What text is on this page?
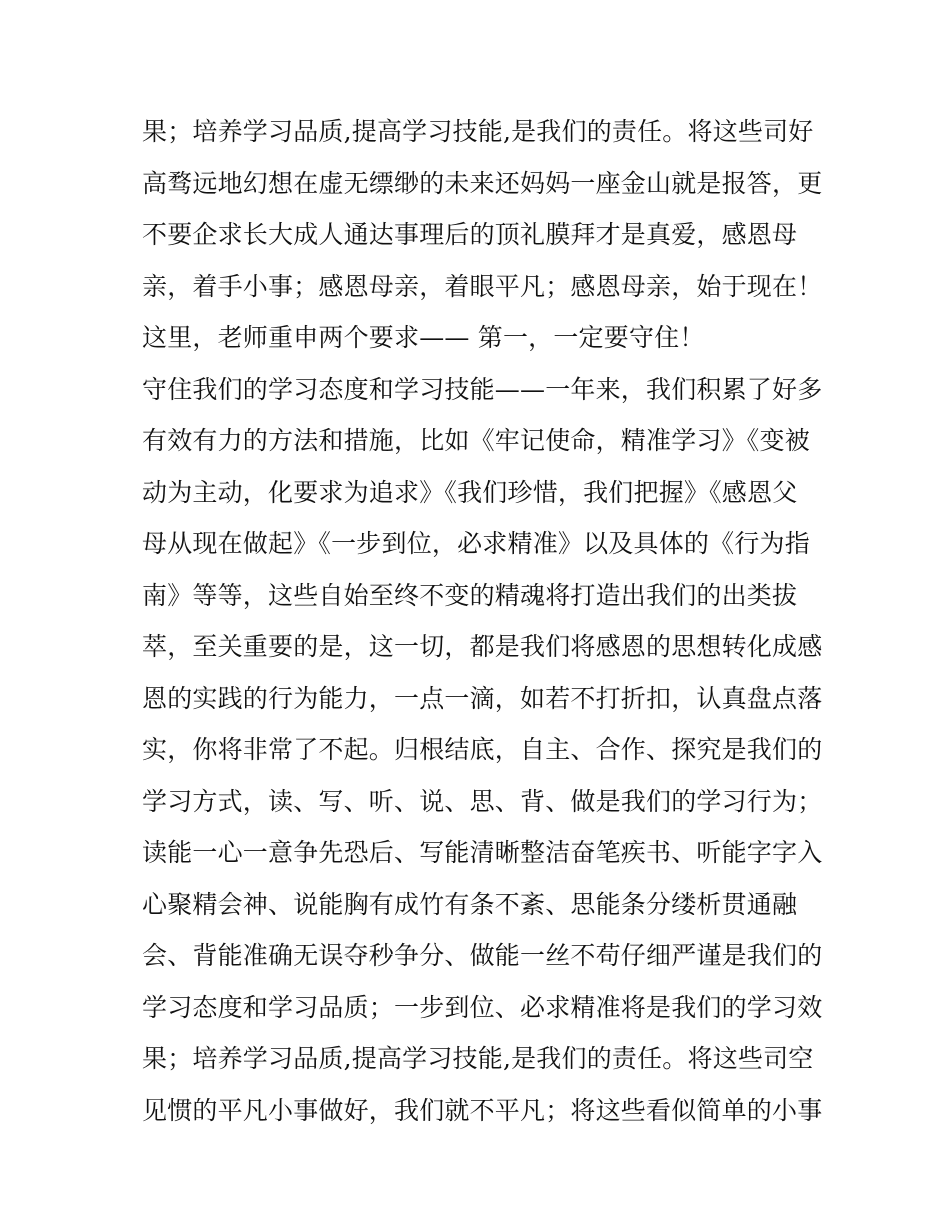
果；培养学习品质,提高学习技能,是我们的责任。将这些司好
高骛远地幻想在虚无缥缈的未来还妈妈一座金山就是报答，更
不要企求长大成人通达事理后的顶礼膜拜才是真爱，感恩母
亲，着手小事；感恩母亲，着眼平凡；感恩母亲，始于现在！
这里，老师重申两个要求—— 第一，一定要守住！
守住我们的学习态度和学习技能——一年来，我们积累了好多
有效有力的方法和措施，比如《牢记使命，精准学习》《变被
动为主动，化要求为追求》《我们珍惜，我们把握》《感恩父
母从现在做起》《一步到位，必求精准》以及具体的《行为指
南》等等，这些自始至终不变的精魂将打造出我们的出类拔
萃，至关重要的是，这一切，都是我们将感恩的思想转化成感
恩的实践的行为能力，一点一滴，如若不打折扣，认真盘点落
实，你将非常了不起。归根结底，自主、合作、探究是我们的
学习方式，读、写、听、说、思、背、做是我们的学习行为；
读能一心一意争先恐后、写能清晰整洁奋笔疾书、听能字字入
心聚精会神、说能胸有成竹有条不紊、思能条分缕析贯通融
会、背能准确无误夺秒争分、做能一丝不苟仔细严谨是我们的
学习态度和学习品质；一步到位、必求精准将是我们的学习效
果；培养学习品质,提高学习技能,是我们的责任。将这些司空
见惯的平凡小事做好，我们就不平凡；将这些看似简单的小事
